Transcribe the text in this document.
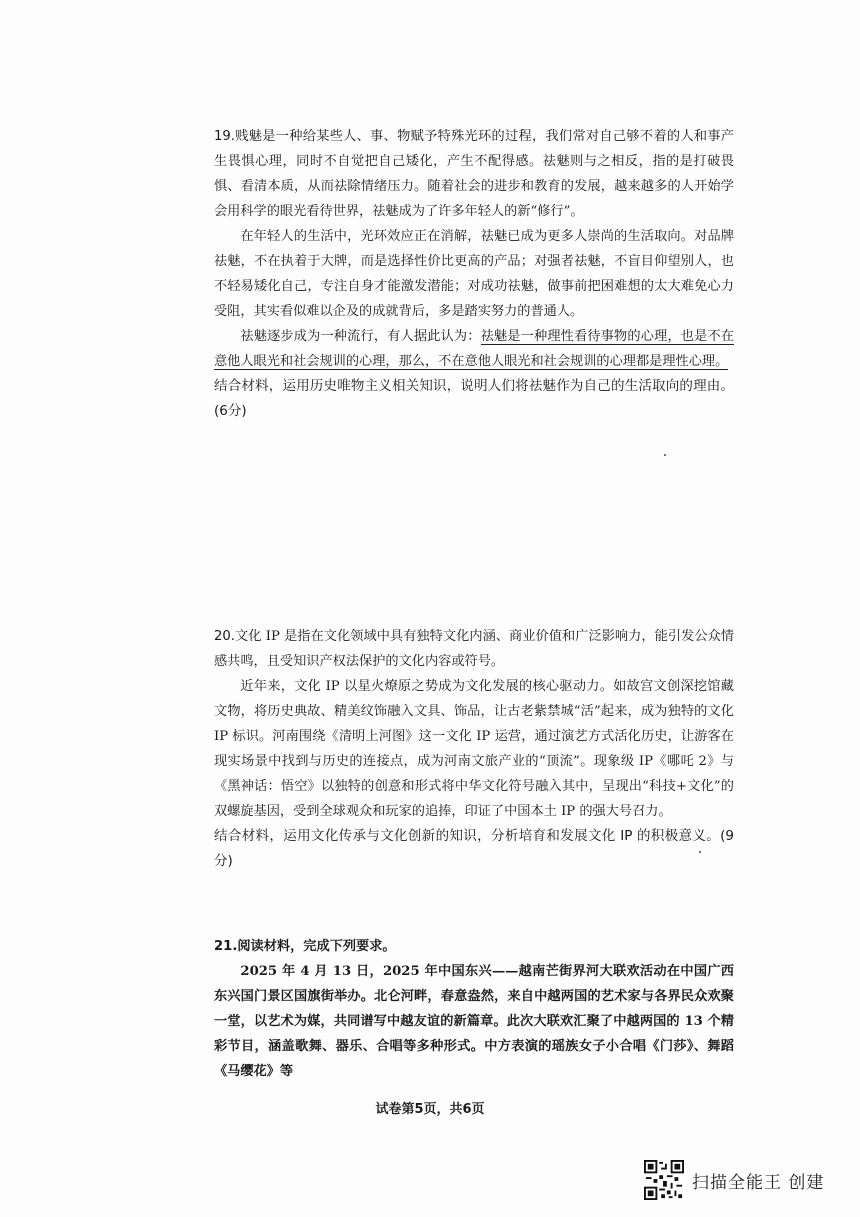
19.贱魅是一种给某些人、事、物赋予特殊光环的过程，我们常对自己够不着的人和事产生畏惧心理，同时不自觉把自己矮化，产生不配得感。祛魅则与之相反，指的是打破畏惧、看清本质，从而祛除情绪压力。随着社会的进步和教育的发展，越来越多的人开始学会用科学的眼光看待世界，祛魅成为了许多年轻人的新“修行”。

在年轻人的生活中，光环效应正在消解，祛魅已成为更多人崇尚的生活取向。对品牌祛魅，不在执着于大牌，而是选择性价比更高的产品；对强者祛魅，不盲目仰望别人，也不轻易矮化自己，专注自身才能激发潜能；对成功祛魅，做事前把困难想的太大难免心力受阻，其实看似难以企及的成就背后，多是踏实努力的普通人。

祛魅逐步成为一种流行，有人据此认为：祛魅是一种理性看待事物的心理，也是不在意他人眼光和社会规训的心理，那么，不在意他人眼光和社会规训的心理都是理性心理。

结合材料，运用历史唯物主义相关知识，说明人们将祛魅作为自己的生活取向的理由。(6分)

20.文化 IP 是指在文化领域中具有独特文化内涵、商业价值和广泛影响力，能引发公众情感共鸣，且受知识产权法保护的文化内容或符号。

近年来，文化 IP 以星火燎原之势成为文化发展的核心驱动力。如故宫文创深挖馆藏文物，将历史典故、精美纹饰融入文具、饰品，让古老紫禁城“活”起来，成为独特的文化 IP 标识。河南围绕《清明上河图》这一文化 IP 运营，通过演艺方式活化历史，让游客在现实场景中找到与历史的连接点，成为河南文旅产业的“顶流”。现象级 IP《哪吒 2》与《黑神话：悟空》以独特的创意和形式将中华文化符号融入其中，呈现出“科技+文化”的双螺旋基因，受到全球观众和玩家的追捧，印证了中国本土 IP 的强大号召力。

结合材料，运用文化传承与文化创新的知识，分析培育和发展文化 IP 的积极意义。(9分)

21.阅读材料，完成下列要求。

2025 年 4 月 13 日，2025 年中国东兴——越南芒街界河大联欢活动在中国广西东兴国门景区国旗街举办。北仑河畔，春意盎然，来自中越两国的艺术家与各界民众欢聚一堂，以艺术为媒，共同谱写中越友谊的新篇章。此次大联欢汇聚了中越两国的 13 个精彩节目，涵盖歌舞、器乐、合唱等多种形式。中方表演的瑶族女子小合唱《门莎》、舞蹈《马缨花》等

试卷第5页，共6页
扫描全能王 创建
